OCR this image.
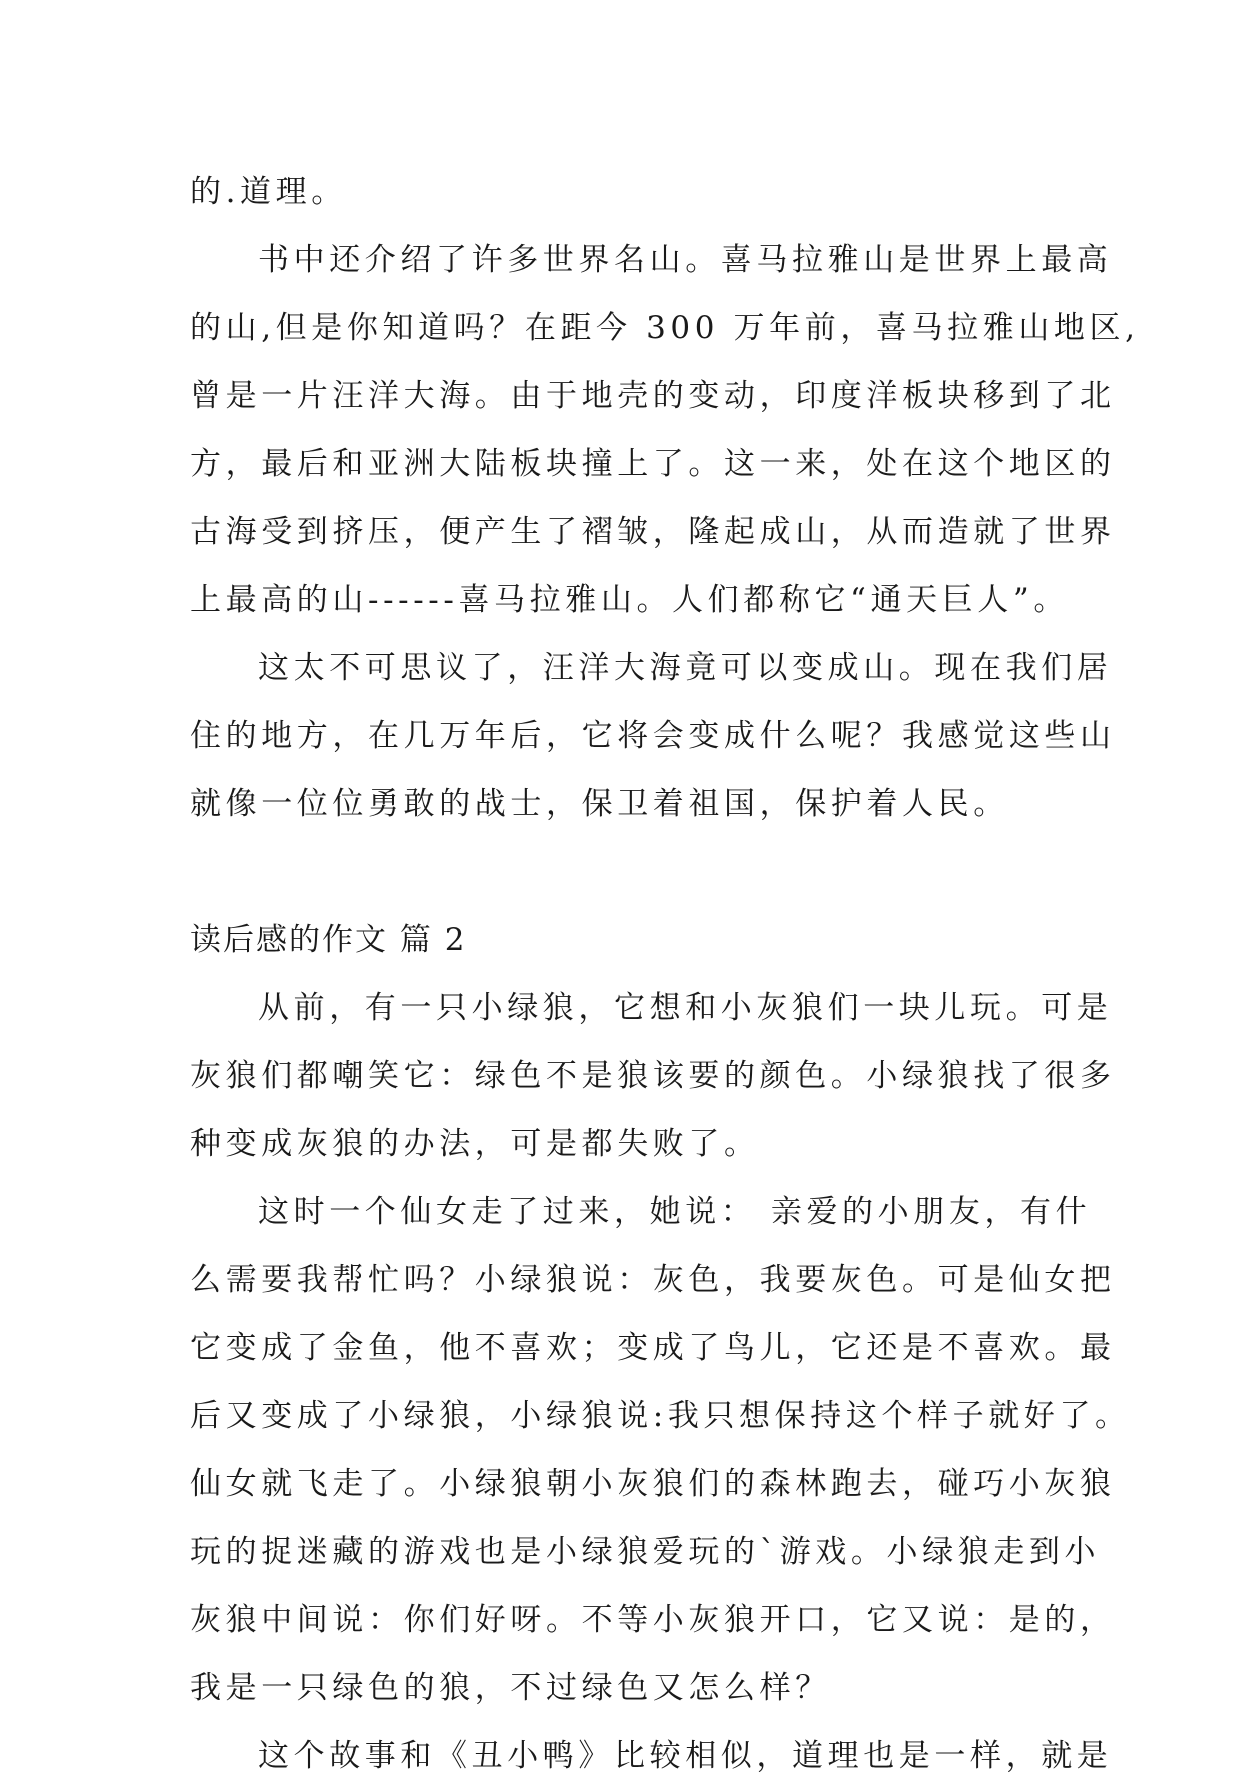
的.道理。
书中还介绍了许多世界名山。喜马拉雅山是世界上最高
的山,但是你知道吗？在距今 300 万年前，喜马拉雅山地区,
曾是一片汪洋大海。由于地壳的变动，印度洋板块移到了北
方，最后和亚洲大陆板块撞上了。这一来，处在这个地区的
古海受到挤压，便产生了褶皱，隆起成山，从而造就了世界
上最高的山------喜马拉雅山。人们都称它“通天巨人”。
这太不可思议了，汪洋大海竟可以变成山。现在我们居
住的地方，在几万年后，它将会变成什么呢？我感觉这些山
就像一位位勇敢的战士，保卫着祖国，保护着人民。
读后感的作文 篇 2
从前，有一只小绿狼，它想和小灰狼们一块儿玩。可是
灰狼们都嘲笑它：绿色不是狼该要的颜色。小绿狼找了很多
种变成灰狼的办法，可是都失败了。
这时一个仙女走了过来，她说： 亲爱的小朋友，有什
么需要我帮忙吗？小绿狼说：灰色，我要灰色。可是仙女把
它变成了金鱼，他不喜欢；变成了鸟儿，它还是不喜欢。最
后又变成了小绿狼，小绿狼说:我只想保持这个样子就好了。
仙女就飞走了。小绿狼朝小灰狼们的森林跑去，碰巧小灰狼
玩的捉迷藏的游戏也是小绿狼爱玩的`游戏。小绿狼走到小
灰狼中间说：你们好呀。不等小灰狼开口，它又说：是的，
我是一只绿色的狼，不过绿色又怎么样？
这个故事和《丑小鸭》比较相似，道理也是一样，就是
